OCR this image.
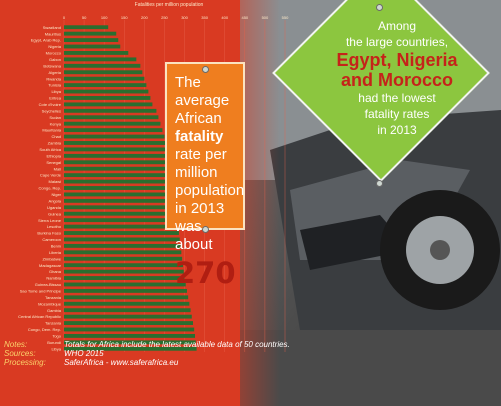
Fatalities per million population
0	50	100	150	200	250	300	350	400	450	500	550
Swaziland
Mauritius
Egypt, Arab Rep.
Nigeria
Morocco
Gabon
Botswana
Algeria
Rwanda
Tunisia
Libya
Eritrea
Cote d'Ivoire
Seychelles
Sudan
Kenya
Mauritania
Chad
Zambia
South Africa
Ethiopia
Senegal
Mali
Cape Verde
Malawi
Congo, Rep.
Niger
Angola
Uganda
Guinea
Sierra Leone
Lesotho
Burkina Faso
Cameroon
Benin
Liberia
Zimbabwe
Madagascar
Ghana
Namibia
Guinea-Bissau
Sao Tome and Principe
Tanzania
Mozambique
Gambia
Central African Republic
Tanzania
Congo, Dem. Rep.
Togo
Burundi
Libya
The average African fatality rate per million population in 2013 was about
270
Among
the large countries,
Egypt, Nigeria and Morocco
had the lowest
fatality rates
in 2013
Notes:	Totals for Africa include the latest available data of 50 countries.
Sources:	WHO 2015
Processing:	SaferAfrica - www.saferafrica.eu
